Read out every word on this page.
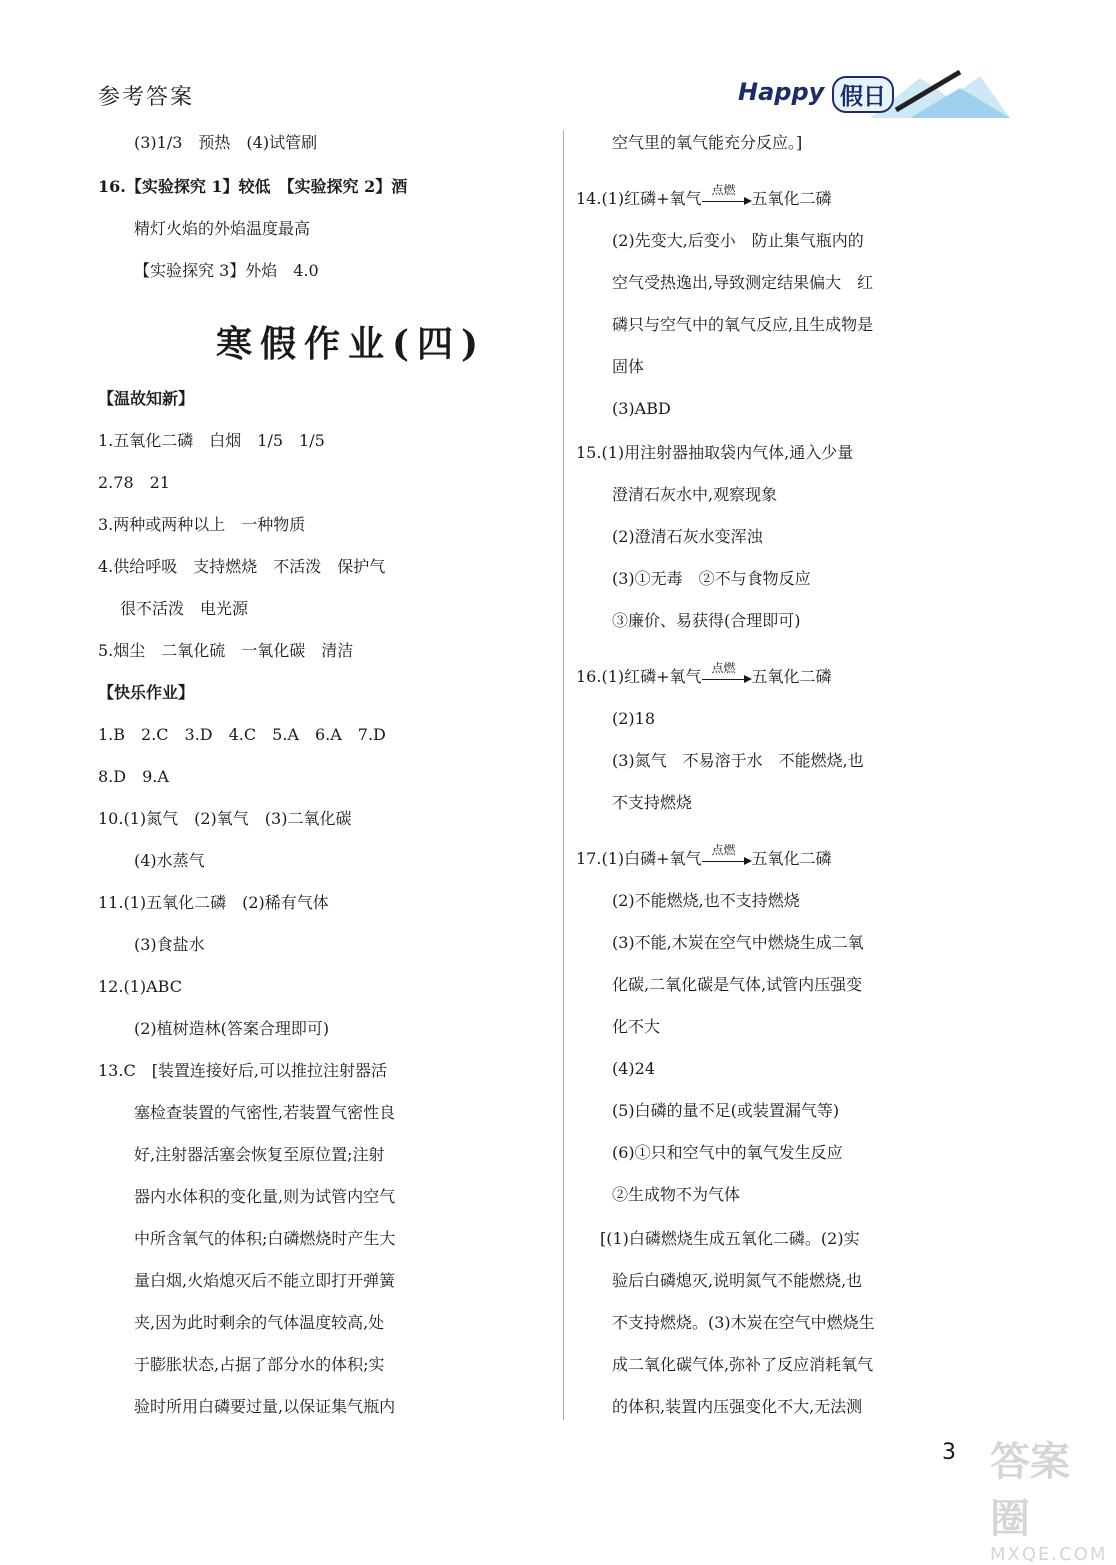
参考答案	Happy 假日
寒假作业(四)
(3)1/3　预热　(4)试管刷
16.【实验探究 1】较低　【实验探究 2】酒
精灯火焰的外焰温度最高
【实验探究 3】外焰　4.0
【温故知新】
1.五氧化二磷　白烟　1/5　1/5
2.78　21
3.两种或两种以上　一种物质
4.供给呼吸　支持燃烧　不活泼　保护气
很不活泼　电光源
5.烟尘　二氧化硫　一氧化碳　清洁
【快乐作业】
1.B　2.C　3.D　4.C　5.A　6.A　7.D
8.D　9.A
10.(1)氮气　(2)氧气　(3)二氧化碳
(4)水蒸气
11.(1)五氧化二磷　(2)稀有气体
(3)食盐水
12.(1)ABC
(2)植树造林(答案合理即可)
13.C　[装置连接好后,可以推拉注射器活
塞检查装置的气密性,若装置气密性良
好,注射器活塞会恢复至原位置;注射
器内水体积的变化量,则为试管内空气
中所含氧气的体积;白磷燃烧时产生大
量白烟,火焰熄灭后不能立即打开弹簧
夹,因为此时剩余的气体温度较高,处
于膨胀状态,占据了部分水的体积;实
验时所用白磷要过量,以保证集气瓶内
空气里的氧气能充分反应。]
14.(1)红磷+氧气 点燃 五氧化二磷
(2)先变大,后变小　防止集气瓶内的
空气受热逸出,导致测定结果偏大　红
磷只与空气中的氧气反应,且生成物是
固体
(3)ABD
15.(1)用注射器抽取袋内气体,通入少量
澄清石灰水中,观察现象
(2)澄清石灰水变浑浊
(3)①无毒　②不与食物反应
③廉价、易获得(合理即可)
16.(1)红磷+氧气 点燃 五氧化二磷
(2)18
(3)氮气　不易溶于水　不能燃烧,也
不支持燃烧
17.(1)白磷+氧气 点燃 五氧化二磷
(2)不能燃烧,也不支持燃烧
(3)不能,木炭在空气中燃烧生成二氧
化碳,二氧化碳是气体,试管内压强变
化不大
(4)24
(5)白磷的量不足(或装置漏气等)
(6)①只和空气中的氧气发生反应
②生成物不为气体
[(1)白磷燃烧生成五氧化二磷。(2)实
验后白磷熄灭,说明氮气不能燃烧,也
不支持燃烧。(3)木炭在空气中燃烧生
成二氧化碳气体,弥补了反应消耗氧气
的体积,装置内压强变化不大,无法测
3 答案圈
MXQE.COM
